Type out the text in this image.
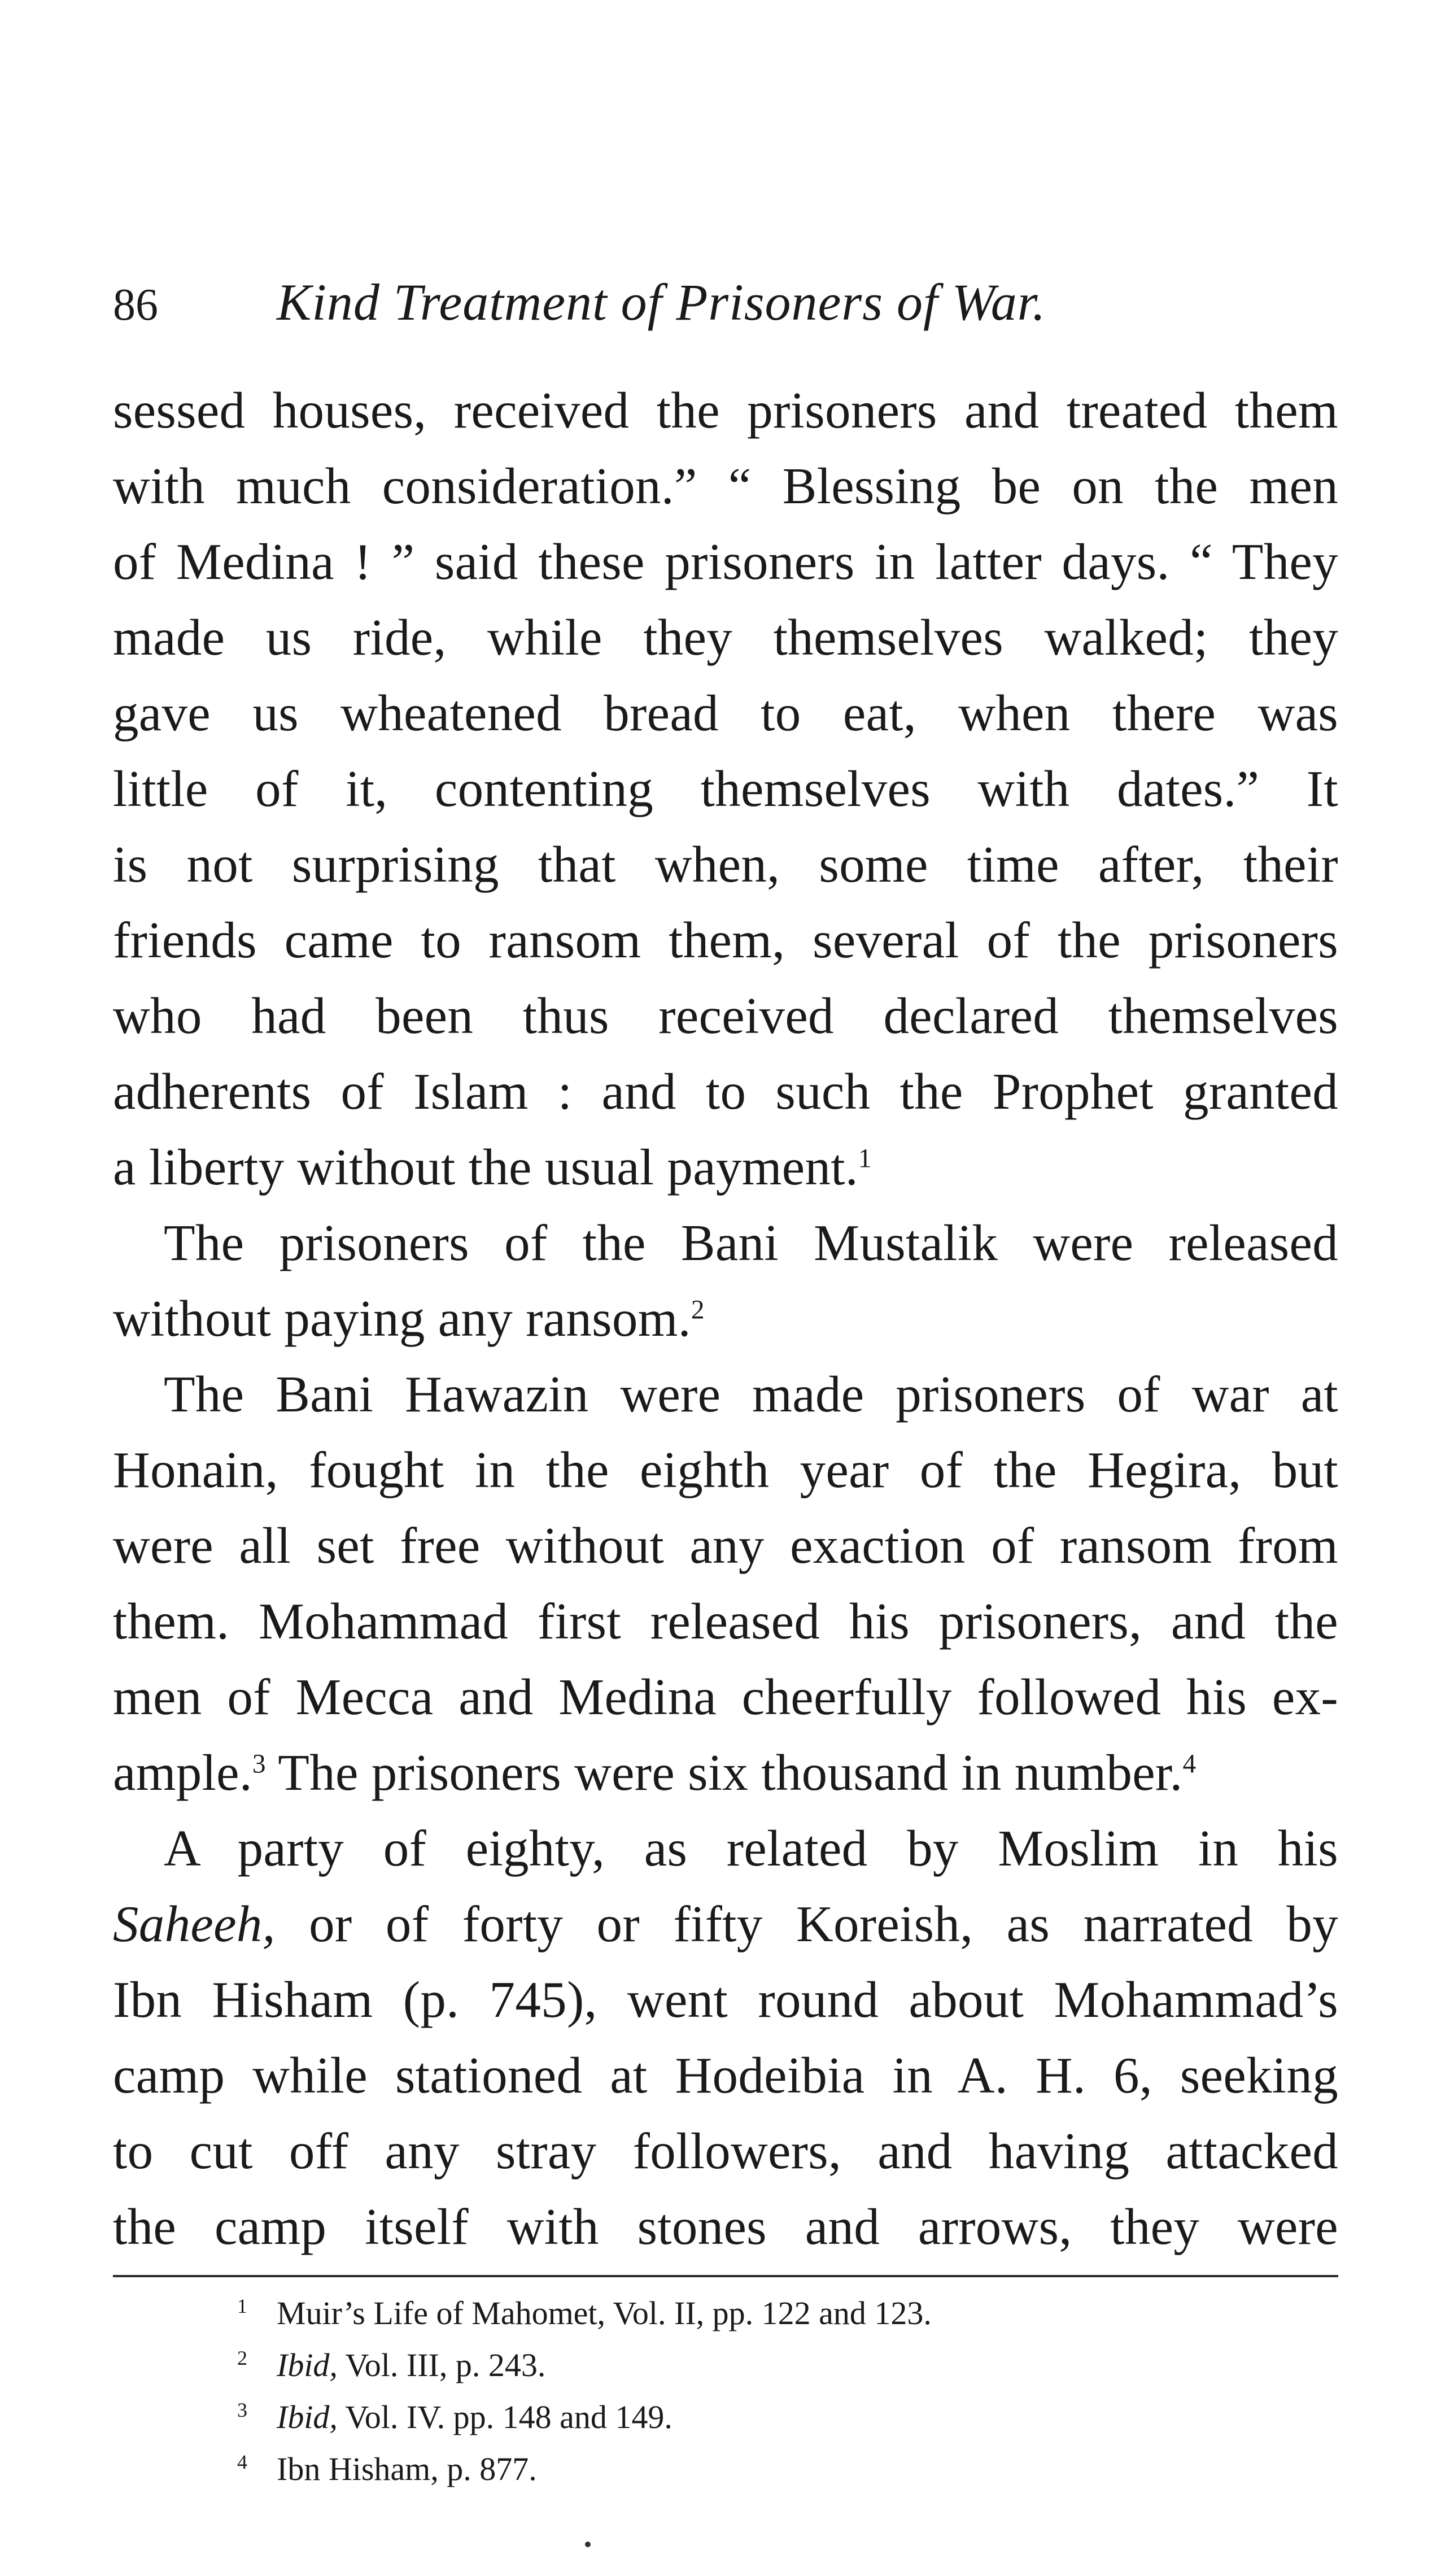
86 Kind Treatment of Prisoners of War.
sessed houses, received the prisoners and treated them
with much consideration.” “ Blessing be on the men
of Medina ! ” said these prisoners in latter days. “ They
made us ride, while they themselves walked; they
gave us wheatened bread to eat, when there was
little of it, contenting themselves with dates.” It
is not surprising that when, some time after, their
friends came to ransom them, several of the prisoners
who had been thus received declared themselves
adherents of Islam : and to such the Prophet granted
a liberty without the usual payment.$^1$
The prisoners of the Bani Mustalik were released
without paying any ransom.$^2$
The Bani Hawazin were made prisoners of war at
Honain, fought in the eighth year of the Hegira, but
were all set free without any exaction of ransom from
them. Mohammad first released his prisoners, and the
men of Mecca and Medina cheerfully followed his ex-
ample.$^3$ The prisoners were six thousand in number.$^4$
A party of eighty, as related by Moslim in his
Saheeh, or of forty or fifty Koreish, as narrated by
Ibn Hisham (p. 745), went round about Mohammad’s
camp while stationed at Hodeibia in A. H. 6, seeking
to cut off any stray followers, and having attacked
the camp itself with stones and arrows, they were
1 Muir’s Life of Mahomet, Vol. II, pp. 122 and 123.
2 Ibid, Vol. III, p. 243.
3 Ibid, Vol. IV. pp. 148 and 149.
4 Ibn Hisham, p. 877.
